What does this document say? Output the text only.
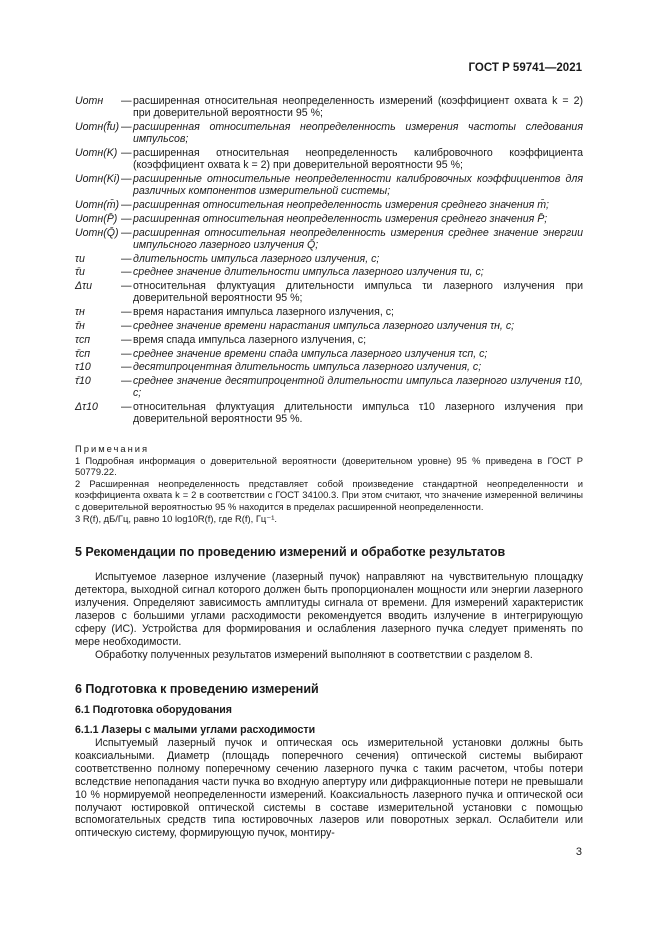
ГОСТ Р 59741—2021
Uотн	— расширенная относительная неопределенность измерений (коэффициент охвата k = 2) при доверительной вероятности 95 %;
Uотн(f̄и) — расширенная относительная неопределенность измерения частоты следования импульсов;
Uотн(K) — расширенная относительная неопределенность калибровочного коэффициента (коэффициент охвата k = 2) при доверительной вероятности 95 %;
Uотн(Ki) — расширенные относительные неопределенности калибровочных коэффициентов для различных компонентов измерительной системы;
Uотн(m̄) — расширенная относительная неопределенность измерения среднего значения m̄;
Uотн(P̄) — расширенная относительная неопределенность измерения среднего значения P̄;
Uотн(Q̄) — расширенная относительная неопределенность измерения среднее значение энергии импульсного лазерного излучения Q̄;
τи	— длительность импульса лазерного излучения, с;
τ̄и	— среднее значение длительности импульса лазерного излучения τи, с;
Δτи	— относительная флуктуация длительности импульса τи лазерного излучения при доверительной вероятности 95 %;
τн	— время нарастания импульса лазерного излучения, с;
τ̄н	— среднее значение времени нарастания импульса лазерного излучения τн, с;
τсп	— время спада импульса лазерного излучения, с;
τ̄сп	— среднее значение времени спада импульса лазерного излучения τсп, с;
τ10	— десятипроцентная длительность импульса лазерного излучения, с;
τ̄10	— среднее значение десятипроцентной длительности импульса лазерного излучения τ10, с;
Δτ10	— относительная флуктуация длительности импульса τ10 лазерного излучения при доверительной вероятности 95 %.
Примечания
1 Подробная информация о доверительной вероятности (доверительном уровне) 95 % приведена в ГОСТ Р 50779.22.
2 Расширенная неопределенность представляет собой произведение стандартной неопределенности и коэффициента охвата k = 2 в соответствии с ГОСТ 34100.3. При этом считают, что значение измеренной величины с доверительной вероятностью 95 % находится в пределах расширенной неопределенности.
3 R(f), дБ/Гц, равно 10 log10R(f), где R(f), Гц⁻¹.
5 Рекомендации по проведению измерений и обработке результатов
Испытуемое лазерное излучение (лазерный пучок) направляют на чувствительную площадку детектора, выходной сигнал которого должен быть пропорционален мощности или энергии лазерного излучения. Определяют зависимость амплитуды сигнала от времени. Для измерений характеристик лазеров с большими углами расходимости рекомендуется вводить излучение в интегрирующую сферу (ИС). Устройства для формирования и ослабления лазерного пучка следует применять по мере необходимости.
Обработку полученных результатов измерений выполняют в соответствии с разделом 8.
6 Подготовка к проведению измерений
6.1 Подготовка оборудования
6.1.1 Лазеры с малыми углами расходимости
Испытуемый лазерный пучок и оптическая ось измерительной установки должны быть коаксиальными. Диаметр (площадь поперечного сечения) оптической системы выбирают соответственно полному поперечному сечению лазерного пучка с таким расчетом, чтобы потери вследствие непопадания части пучка во входную апертуру или дифракционные потери не превышали 10 % нормируемой неопределенности измерений. Коаксиальность лазерного пучка и оптической оси получают юстировкой оптической системы в составе измерительной установки с помощью вспомогательных средств типа юстировочных лазеров или поворотных зеркал. Ослабители или оптическую систему, формирующую пучок, монтиру-
3
